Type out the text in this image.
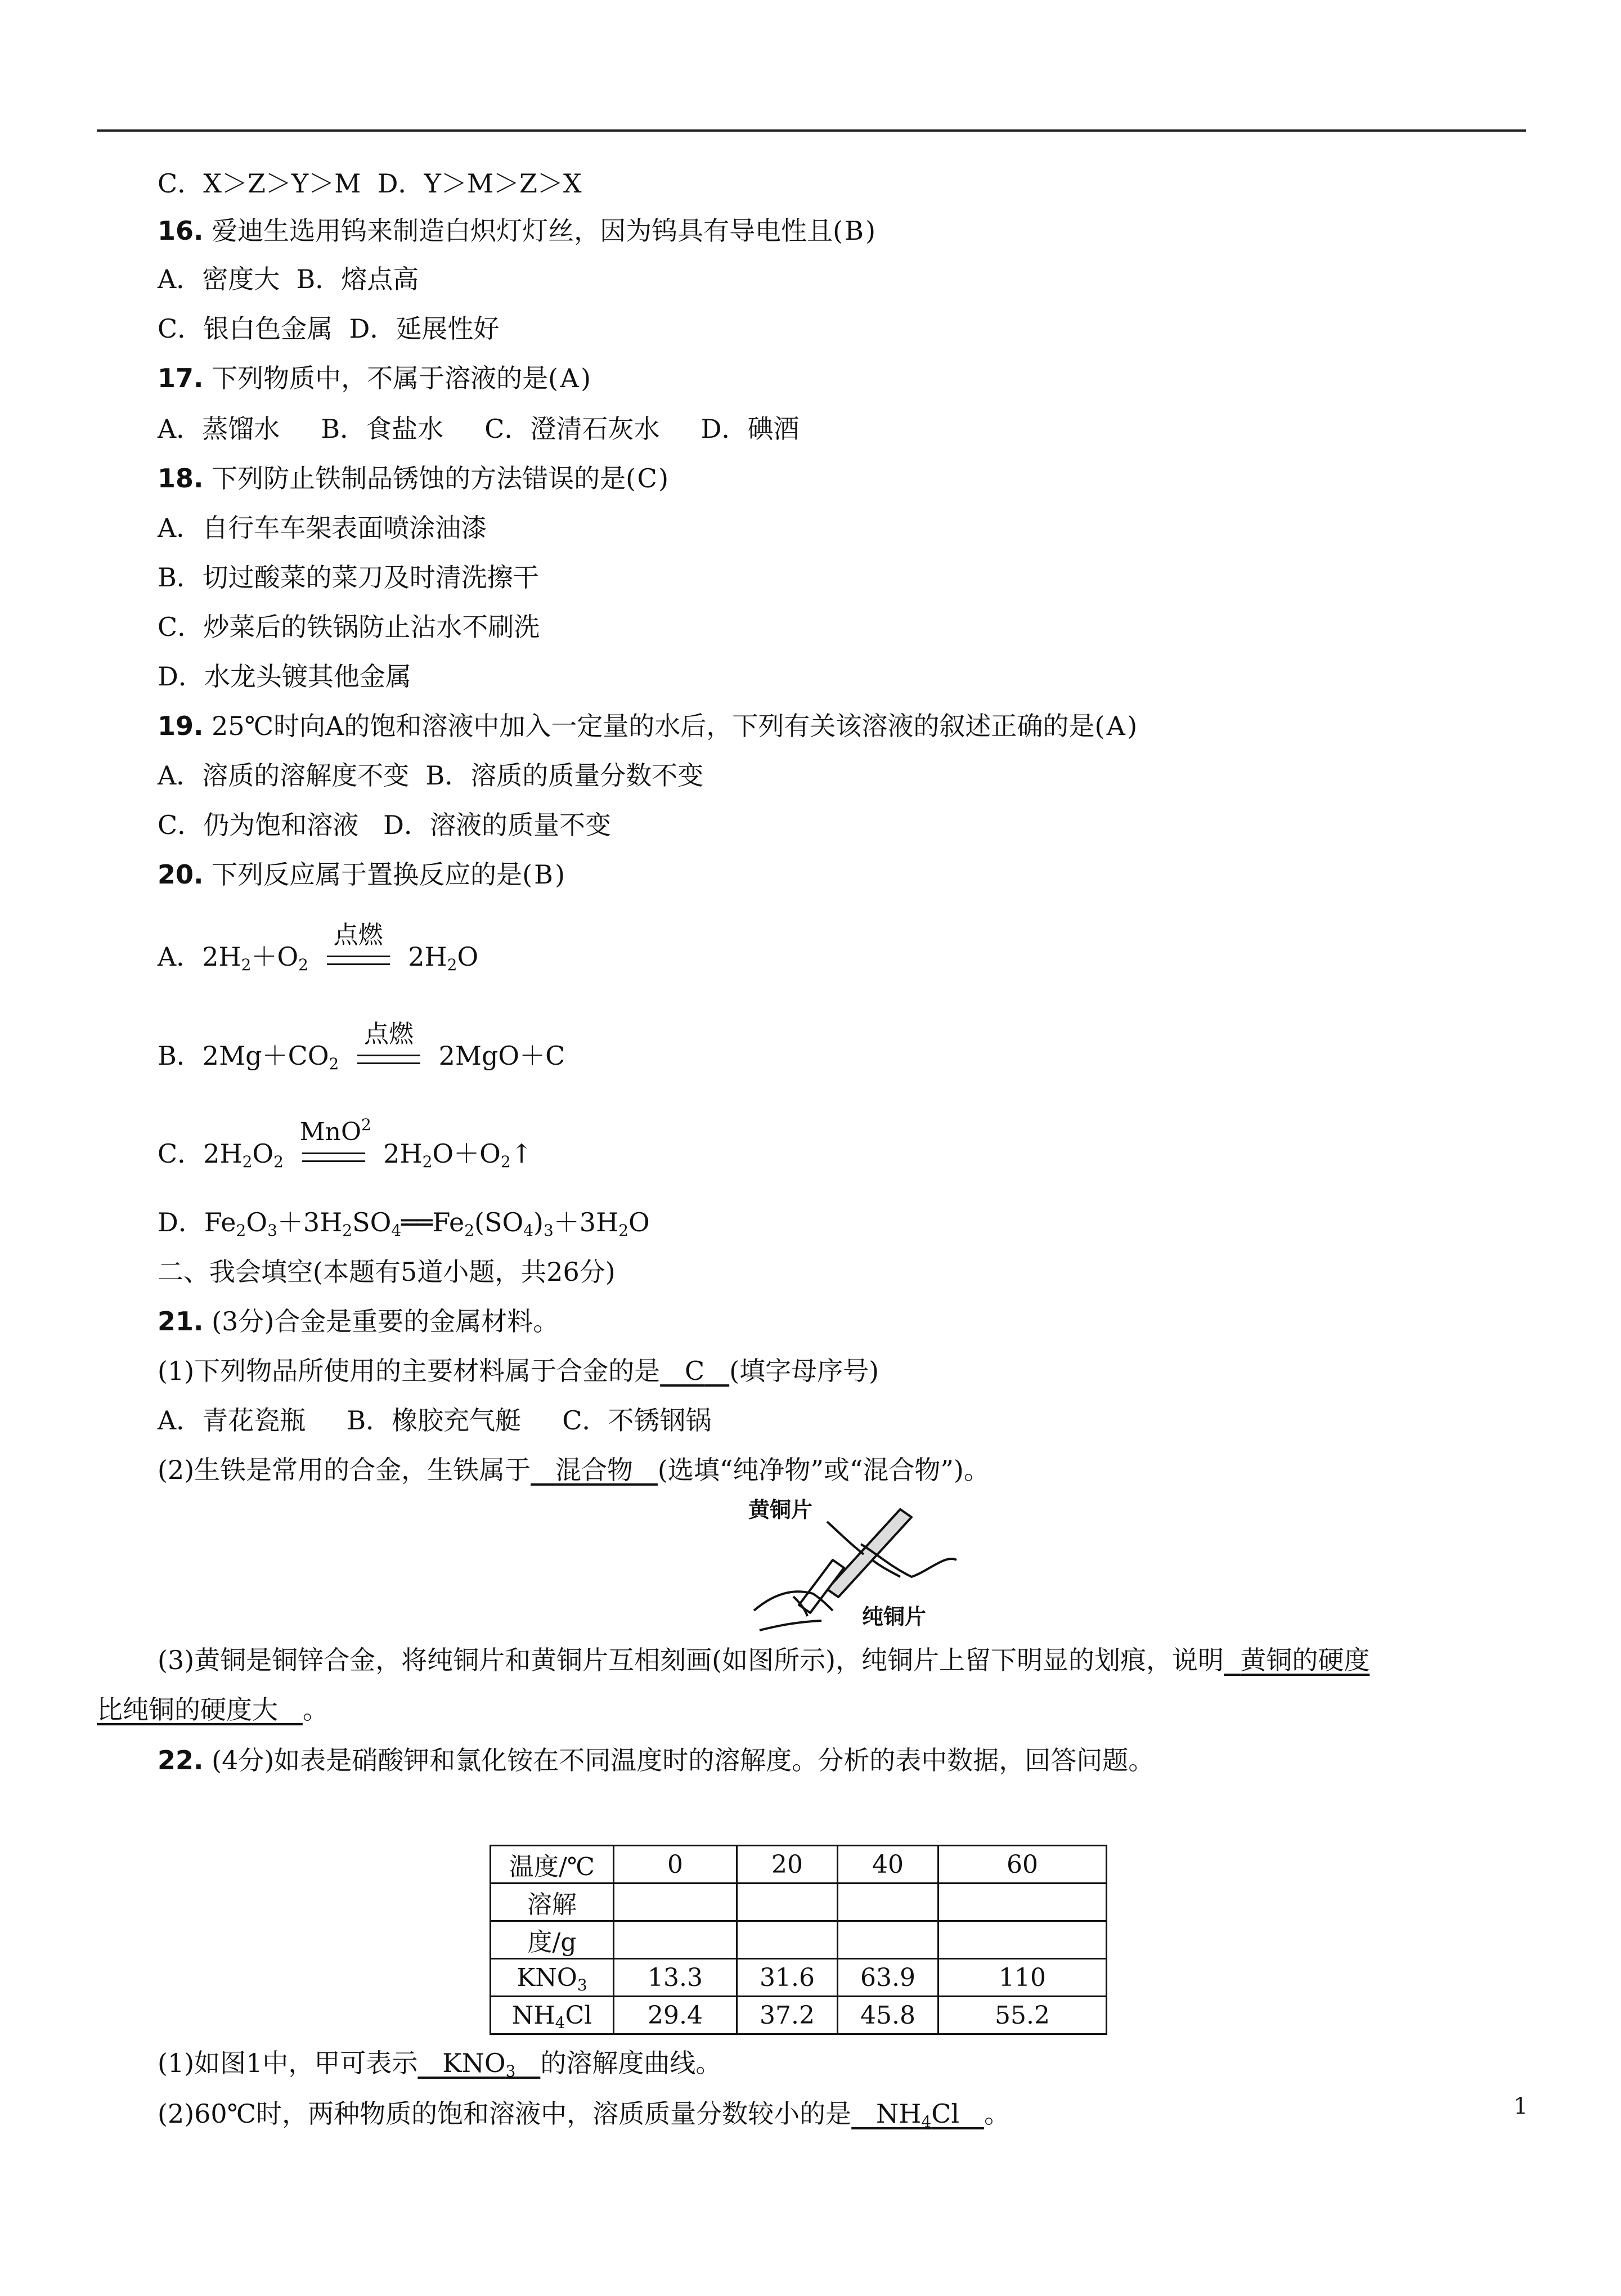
C．X＞Z＞Y＞M D．Y＞M＞Z＞X
16. 爱迪生选用钨来制造白炽灯灯丝，因为钨具有导电性且(B)
A．密度大 B．熔点高
C．银白色金属 D．延展性好
17. 下列物质中，不属于溶液的是(A)
A．蒸馏水 B．食盐水 C．澄清石灰水 D．碘酒
18. 下列防止铁制品锈蚀的方法错误的是(C)
A．自行车车架表面喷涂油漆
B．切过酸菜的菜刀及时清洗擦干
C．炒菜后的铁锅防止沾水不刷洗
D．水龙头镀其他金属
19. 25℃时向A的饱和溶液中加入一定量的水后，下列有关该溶液的叙述正确的是(A)
A．溶质的溶解度不变 B．溶质的质量分数不变
C．仍为饱和溶液 D．溶液的质量不变
20. 下列反应属于置换反应的是(B)
A．$2H_2+O_2$
点燃
$2H_2O$
B．$2Mg+CO_2$
点燃
2MgO＋C
C．$2H_2O_2$
MnO$^2$
$2H_2O+O_2↑$
D．$Fe_2O_3+3H_2SO_4══Fe_2(SO_4)_3+3H_2O$
二、我会填空(本题有5道小题，共26分)
21. (3分)合金是重要的金属材料。
(1)下列物品所使用的主要材料属于合金的是 C (填字母序号)
A．青花瓷瓶 B．橡胶充气艇 C．不锈钢锅
(2)生铁是常用的合金，生铁属于 混合物 (选填“纯净物”或“混合物”)。
黄铜片
纯铜片
(3)黄铜是铜锌合金，将纯铜片和黄铜片互相刻画(如图所示)，纯铜片上留下明显的划痕，说明 黄铜的硬度
比纯铜的硬度大 。
22. (4分)如表是硝酸钾和氯化铵在不同温度时的溶解度。分析的表中数据，回答问题。
温度/℃	0	20	40	60
溶解				
度/g				
$KNO_3$	13.3	31.6	63.9	110
$NH_4Cl$	29.4	37.2	45.8	55.2
(1)如图1中，甲可表示   $KNO_3$ 的溶解度曲线。
(2)60℃时，两种物质的饱和溶液中，溶质质量分数较小的是   $NH_4Cl$   。	1
